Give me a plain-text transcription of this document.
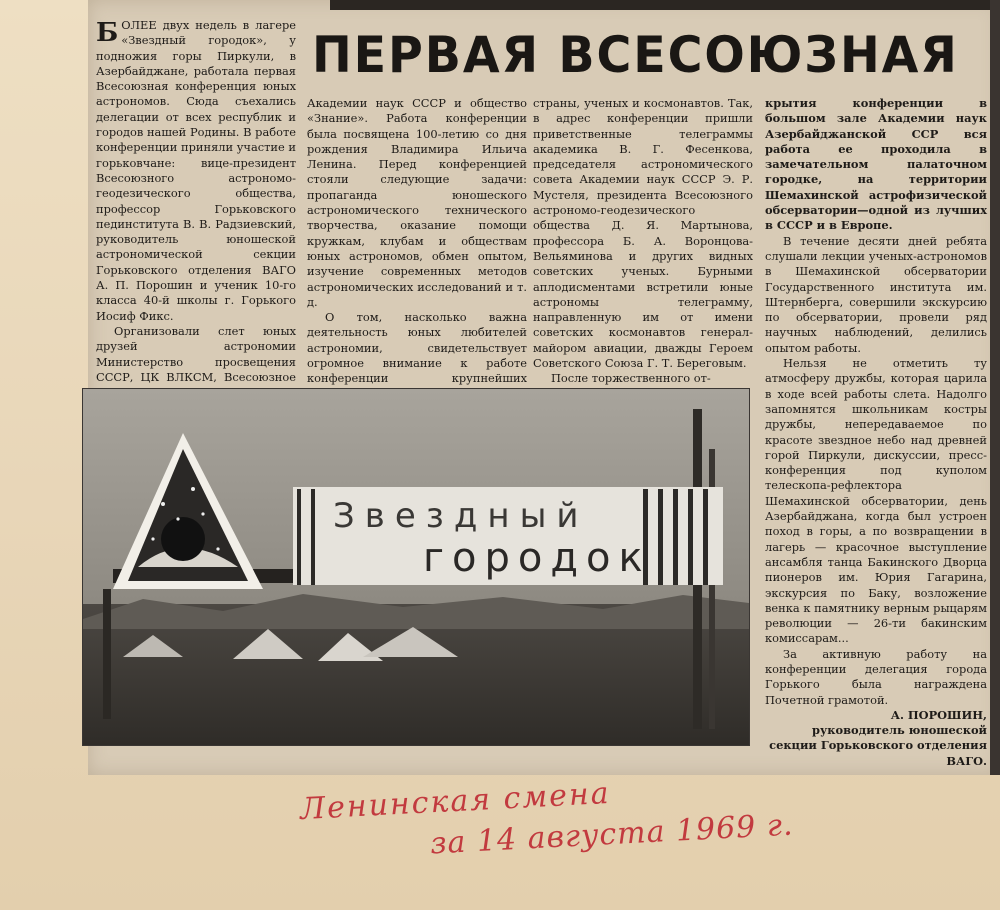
ПЕРВАЯ ВСЕСОЮЗНАЯ

БОЛЕЕ двух недель в лагере «Звездный городок», у подножия горы Пиркули, в Азербайджане, работала первая Всесоюзная конференция юных астрономов. Сюда съехались делегации от всех республик и городов нашей Родины. В работе конференции приняли участие и горьковчане: вице-президент Всесоюзного астрономо-геодезического общества, профессор Горьковского пединститута В. В. Радзиевский, руководитель юношеской астрономической секции Горьковского отделения ВАГО А. П. Порошин и ученик 10-го класса 40-й школы г. Горького Иосиф Фикс.

Организовали слет юных друзей астрономии Министерство просвещения СССР, ЦК ВЛКСМ, Всесоюзное

Академии наук СССР и общество «Знание». Работа конференции была посвящена 100-летию со дня рождения Владимира Ильича Ленина. Перед конференцией стояли следующие задачи: пропаганда юношеского астрономического технического творчества, оказание помощи кружкам, клубам и обществам юных астрономов, обмен опытом, изучение современных методов астрономических исследований и т. д.

О том, насколько важна деятельность юных любителей астрономии, свидетельствует огромное внимание к работе конференции крупнейших

страны, ученых и космонавтов. Так, в адрес конференции пришли приветственные телеграммы академика В. Г. Фесенкова, председателя астрономического совета Академии наук СССР Э. Р. Мустеля, президента Всесоюзного астрономо-геодезического общества Д. Я. Мартынова, профессора Б. А. Воронцова-Вельяминова и других видных советских ученых. Бурными аплодисментами встретили юные астрономы телеграмму, направленную им от имени советских космонавтов генерал-майором авиации, дважды Героем Советского Союза Г. Т. Береговым.

После торжественного от-

крытия конференции в большом зале Академии наук Азербайджанской ССР вся работа ее проходила в замечательном палаточном городке, на территории Шемахинской астрофизической обсерватории—одной из лучших в СССР и в Европе.

В течение десяти дней ребята слушали лекции ученых-астрономов в Шемахинской обсерватории Государственного института им. Штернберга, совершили экскурсию по обсерватории, провели ряд научных наблюдений, делились опытом работы.

Нельзя не отметить ту атмосферу дружбы, которая царила в ходе всей работы слета. Надолго запомнятся школьникам костры дружбы, непередаваемое по красоте звездное небо над древней горой Пиркули, дискуссии, пресс-конференция под куполом телескопа-рефлектора Шемахинской обсерватории, день Азербайджана, когда был устроен поход в горы, а по возвращении в лагерь — красочное выступление ансамбля танца Бакинского Дворца пионеров им. Юрия Гагарина, экскурсия по Баку, возложение венка к памятнику верным рыцарям революции — 26-ти бакинским комиссарам...

За активную работу на конференции делегация города Горького была награждена Почетной грамотой.

А. ПОРОШИН,
руководитель юношеской секции Горьковского отделения ВАГО.
Звездный
городок
Ленинская смена
за 14 августа 1969 г.
